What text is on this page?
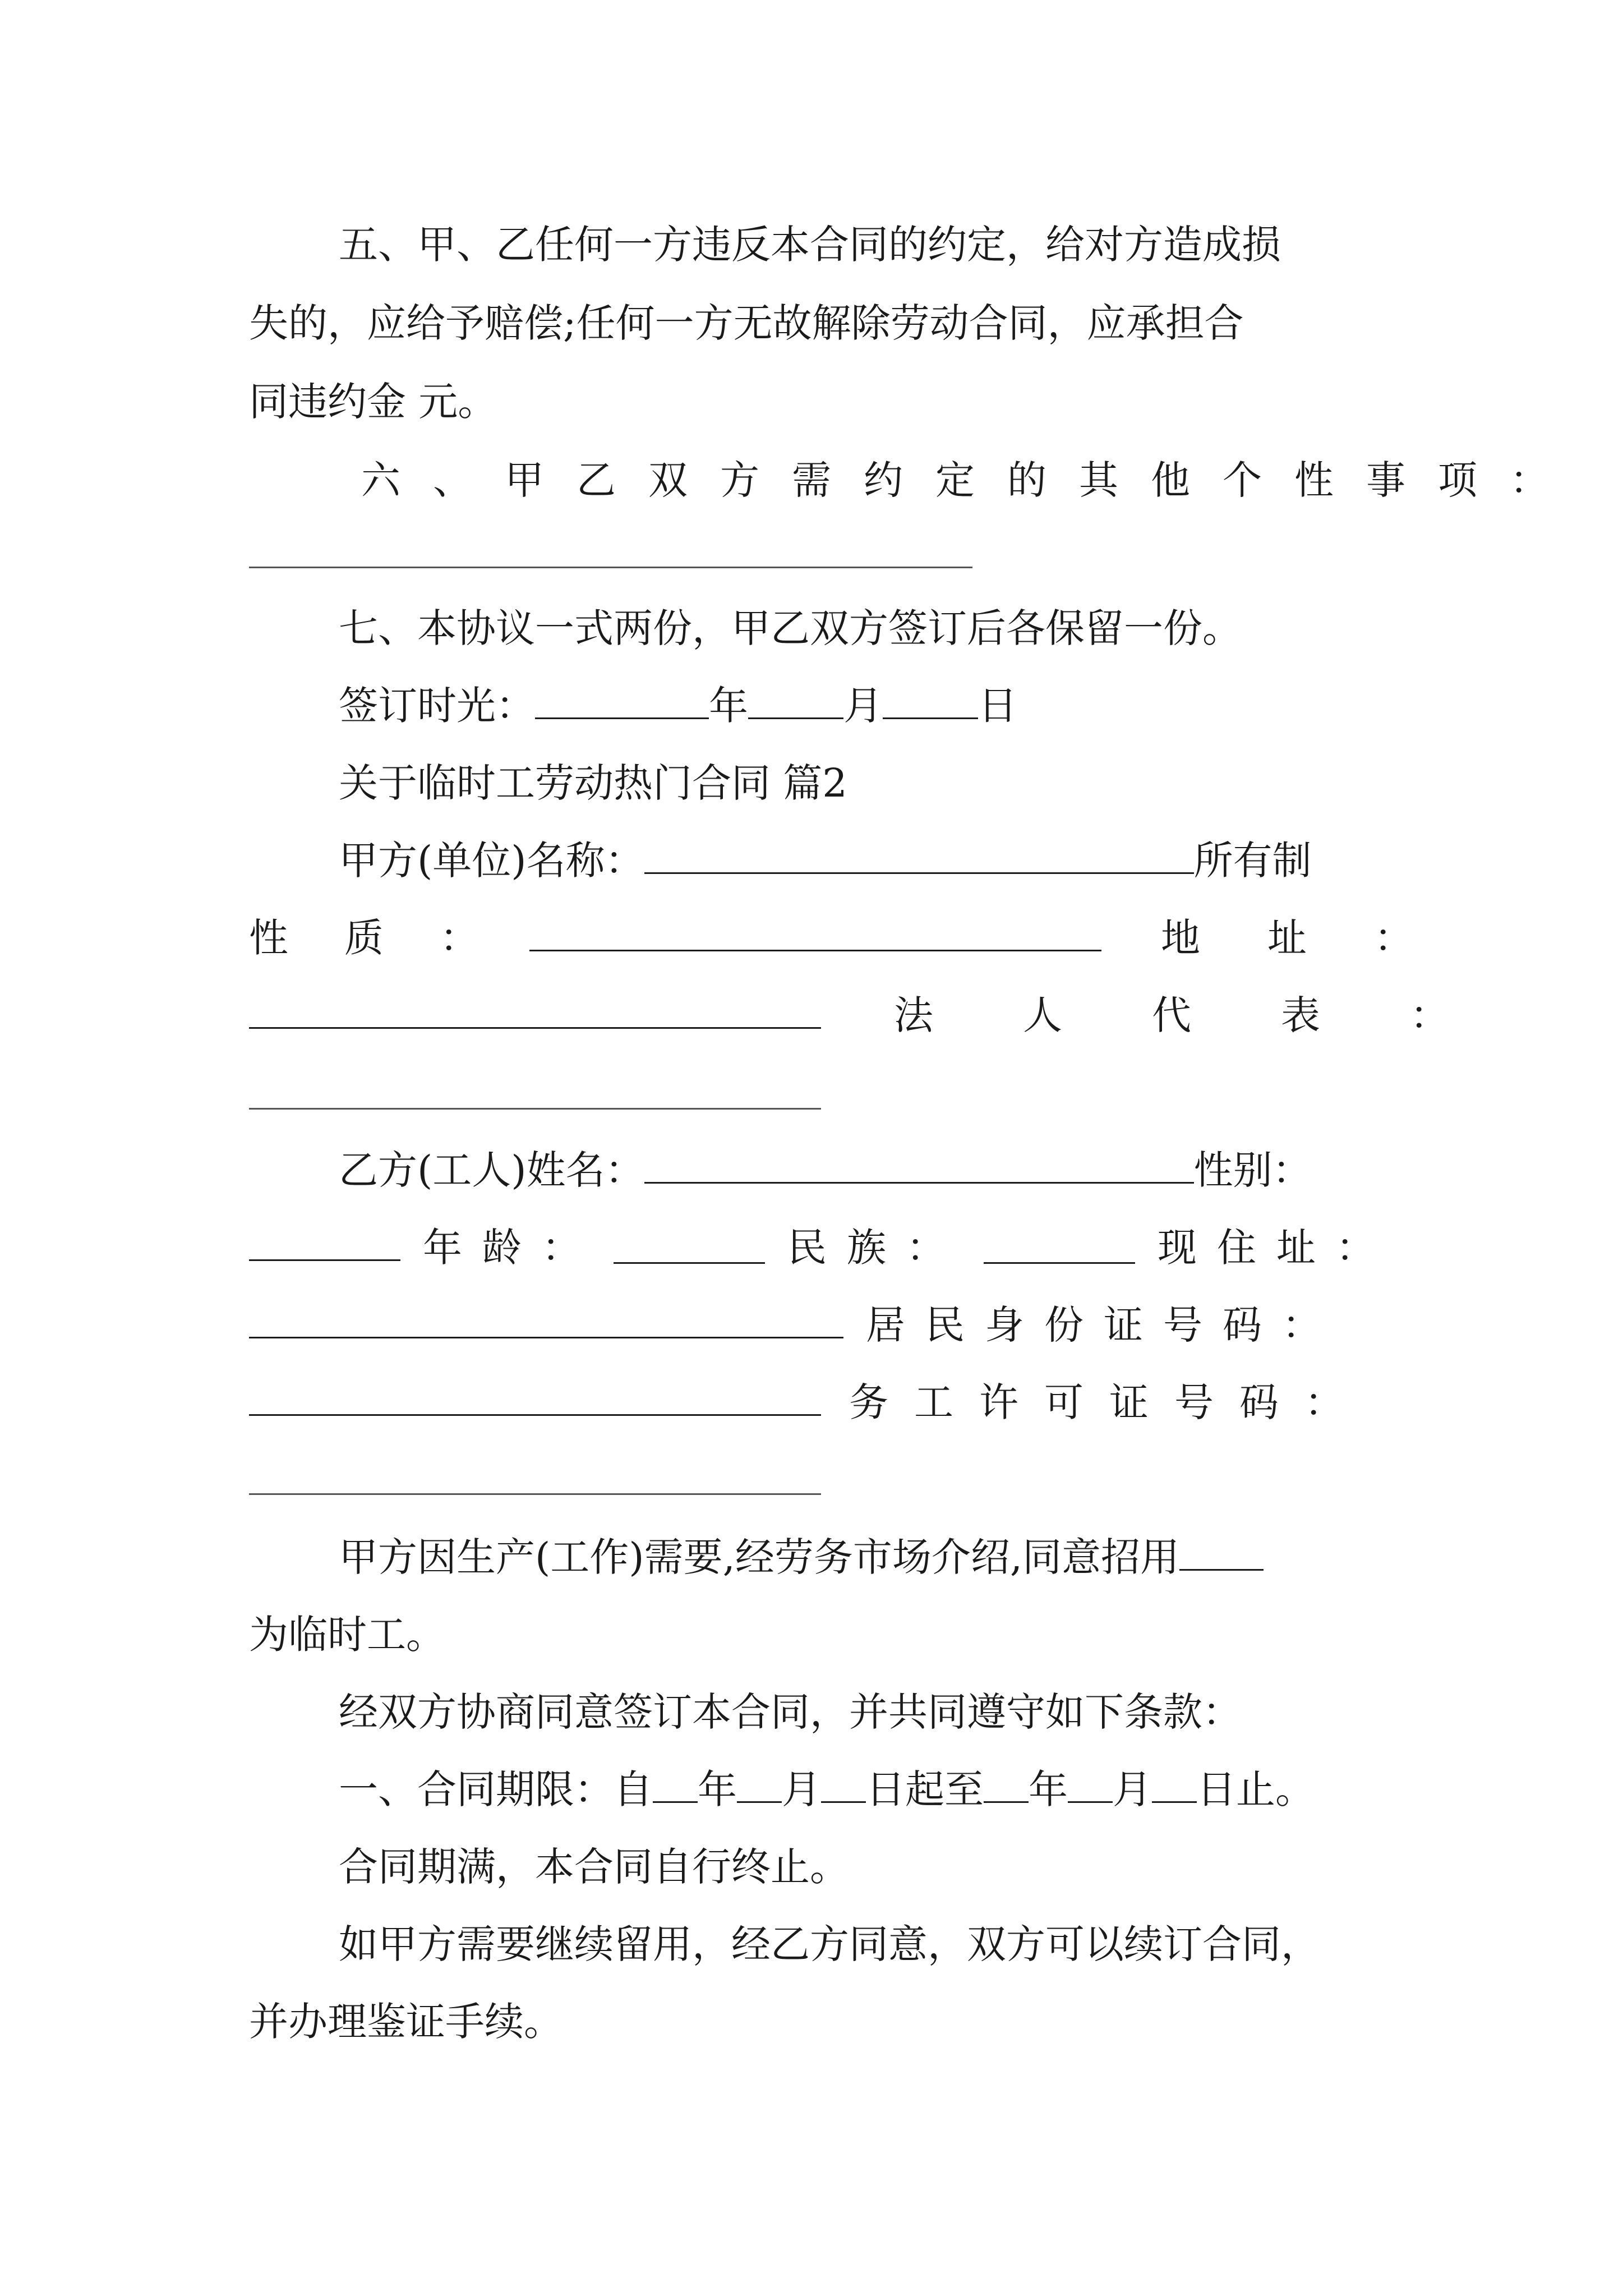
五、甲、乙任何一方违反本合同的约定，给对方造成损
失的，应给予赔偿;任何一方无故解除劳动合同，应承担合
同违约金 元。
六、甲乙双方需约定的其他个性事项：
七、本协议一式两份，甲乙双方签订后各保留一份。
签订时光：	年 月 日
关于临时工劳动热门合同 篇2
甲方(单位)名称：	所有制
性质：	地址：
法人代表：
乙方(工人)姓名：	性别：
年龄：	民族：	现住址：
居民身份证号码：
务工许可证号码：
甲方因生产(工作)需要,经劳务市场介绍,同意招用
为临时工。
经双方协商同意签订本合同，并共同遵守如下条款：
一、合同期限：自 年 月 日起至 年 月 日止。
合同期满，本合同自行终止。
如甲方需要继续留用，经乙方同意，双方可以续订合同，
并办理鉴证手续。
